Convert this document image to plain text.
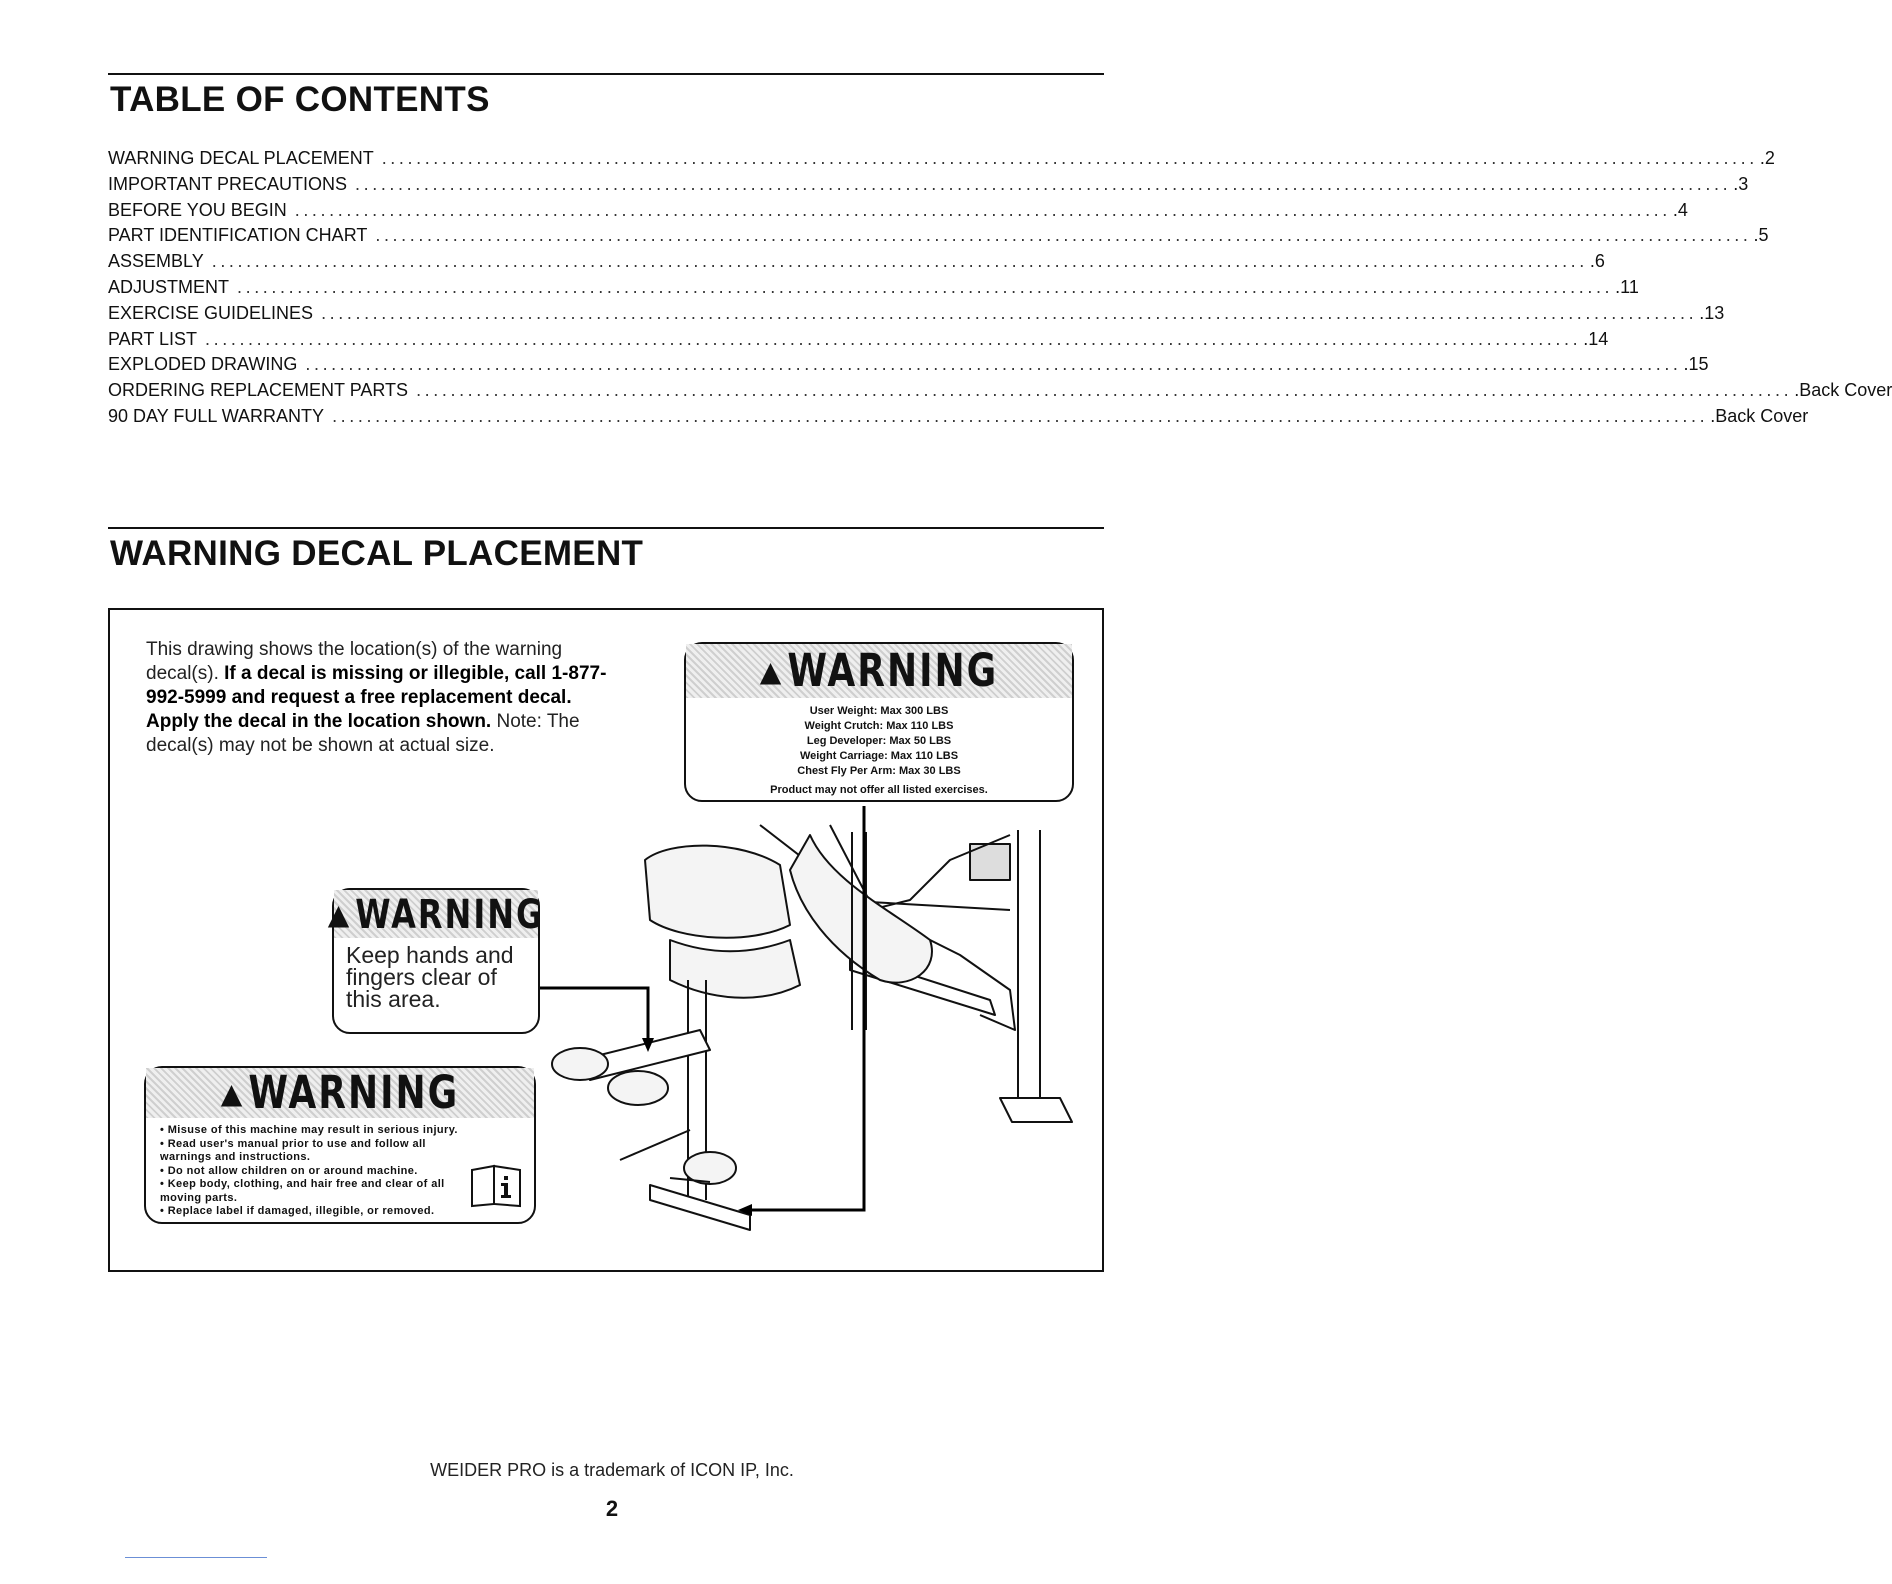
TABLE OF CONTENTS
WARNING DECAL PLACEMENT ................................................................................................................................................................ .2
IMPORTANT PRECAUTIONS ................................................................................................................................................................ .3
BEFORE YOU BEGIN ................................................................................................................................................................ .4
PART IDENTIFICATION CHART ................................................................................................................................................................ .5
ASSEMBLY ................................................................................................................................................................ .6
ADJUSTMENT ................................................................................................................................................................ .11
EXERCISE GUIDELINES ................................................................................................................................................................ .13
PART LIST ................................................................................................................................................................ .14
EXPLODED DRAWING ................................................................................................................................................................ .15
ORDERING REPLACEMENT PARTS ................................................................................................................................................................ .Back Cover
90 DAY FULL WARRANTY ................................................................................................................................................................ .Back Cover
WARNING DECAL PLACEMENT
This drawing shows the location(s) of the warning decal(s). If a decal is missing or illegible, call 1-877-992-5999 and request a free replacement decal. Apply the decal in the location shown. Note: The decal(s) may not be shown at actual size.
▲ WARNING
User Weight: Max 300 LBS
Weight Crutch: Max 110 LBS
Leg Developer: Max 50 LBS
Weight Carriage: Max 110 LBS
Chest Fly Per Arm: Max 30 LBS
Product may not offer all listed exercises.
▲ WARNING
Keep hands and fingers clear of this area.
▲ WARNING
• Misuse of this machine may result in serious injury.
• Read user's manual prior to use and follow all warnings and instructions.
• Do not allow children on or around machine.
• Keep body, clothing, and hair free and clear of all moving parts.
• Replace label if damaged, illegible, or removed.
WEIDER PRO is a trademark of ICON IP, Inc.
2
